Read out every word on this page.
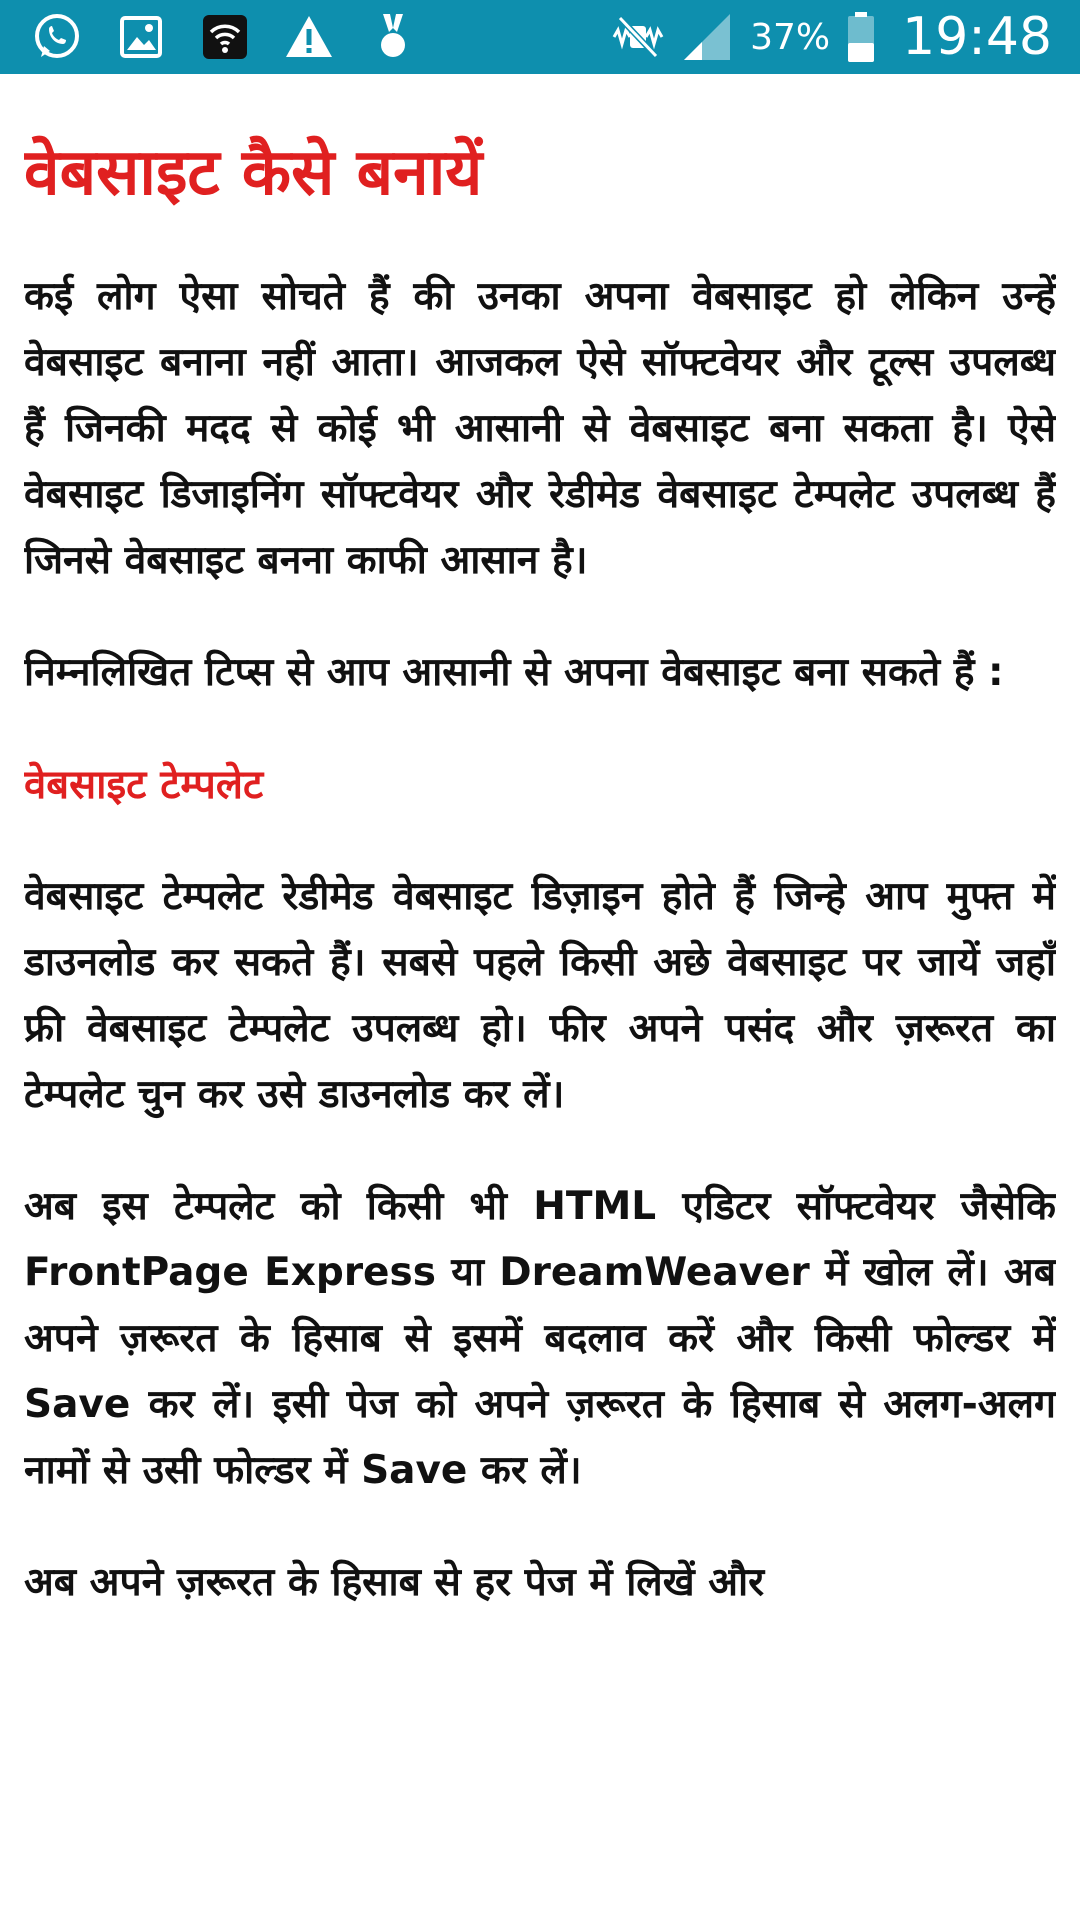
37% 19:48
वेबसाइट कैसे बनायें

कई लोग ऐसा सोचते हैं की उनका अपना वेबसाइट हो लेकिन उन्हें वेबसाइट बनाना नहीं आता। आजकल ऐसे सॉफ्टवेयर और टूल्स उपलब्ध हैं जिनकी मदद से कोई भी आसानी से वेबसाइट बना सकता है। ऐसे वेबसाइट डिजाइनिंग सॉफ्टवेयर और रेडीमेड वेबसाइट टेम्पलेट उपलब्ध हैं जिनसे वेबसाइट बनना काफी आसान है।

निम्नलिखित टिप्स से आप आसानी से अपना वेबसाइट बना सकते हैं :

वेबसाइट टेम्पलेट

वेबसाइट टेम्पलेट रेडीमेड वेबसाइट डिज़ाइन होते हैं जिन्हे आप मुफ्त में डाउनलोड कर सकते हैं। सबसे पहले किसी अछे वेबसाइट पर जायें जहाँ फ्री वेबसाइट टेम्पलेट उपलब्ध हो। फीर अपने पसंद और ज़रूरत का टेम्पलेट चुन कर उसे डाउनलोड कर लें।

अब इस टेम्पलेट को किसी भी HTML एडिटर सॉफ्टवेयर जैसेकि FrontPage Express या DreamWeaver में खोल लें। अब अपने ज़रूरत के हिसाब से इसमें बदलाव करें और किसी फोल्डर में Save कर लें। इसी पेज को अपने ज़रूरत के हिसाब से अलग-अलग नामों से उसी फोल्डर में Save कर लें।

अब अपने ज़रूरत के हिसाब से हर पेज में लिखें और
